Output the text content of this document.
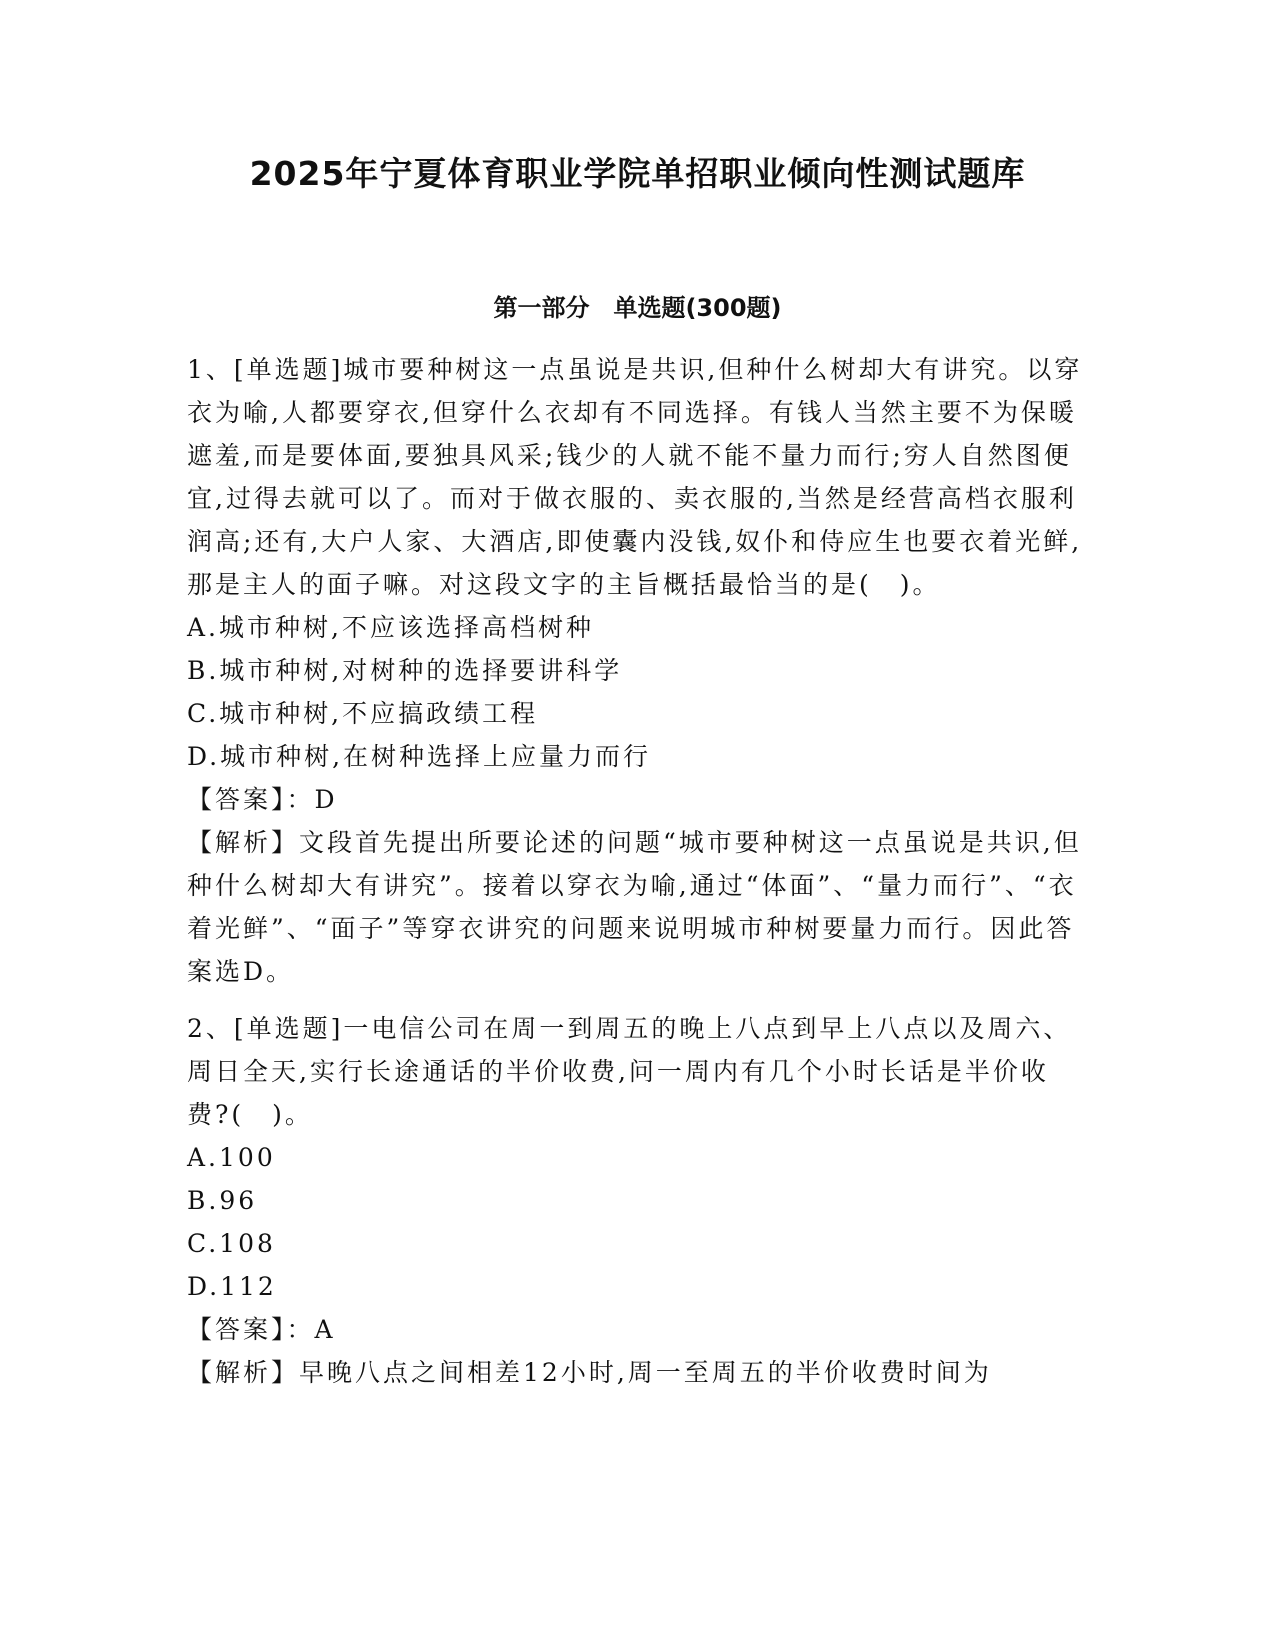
2025年宁夏体育职业学院单招职业倾向性测试题库
第一部分　单选题(300题)

1、[单选题]城市要种树这一点虽说是共识,但种什么树却大有讲究。以穿衣为喻,人都要穿衣,但穿什么衣却有不同选择。有钱人当然主要不为保暖遮羞,而是要体面,要独具风采;钱少的人就不能不量力而行;穷人自然图便宜,过得去就可以了。而对于做衣服的、卖衣服的,当然是经营高档衣服利润高;还有,大户人家、大酒店,即使囊内没钱,奴仆和侍应生也要衣着光鲜,那是主人的面子嘛。对这段文字的主旨概括最恰当的是(　)。

A.城市种树,不应该选择高档树种

B.城市种树,对树种的选择要讲科学

C.城市种树,不应搞政绩工程

D.城市种树,在树种选择上应量力而行

【答案】：D

【解析】文段首先提出所要论述的问题“城市要种树这一点虽说是共识,但种什么树却大有讲究”。接着以穿衣为喻,通过“体面”、“量力而行”、“衣着光鲜”、“面子”等穿衣讲究的问题来说明城市种树要量力而行。因此答案选D。

2、[单选题]一电信公司在周一到周五的晚上八点到早上八点以及周六、周日全天,实行长途通话的半价收费,问一周内有几个小时长话是半价收费?(　)。

A.100

B.96

C.108

D.112

【答案】：A

【解析】早晚八点之间相差12小时,周一至周五的半价收费时间为
